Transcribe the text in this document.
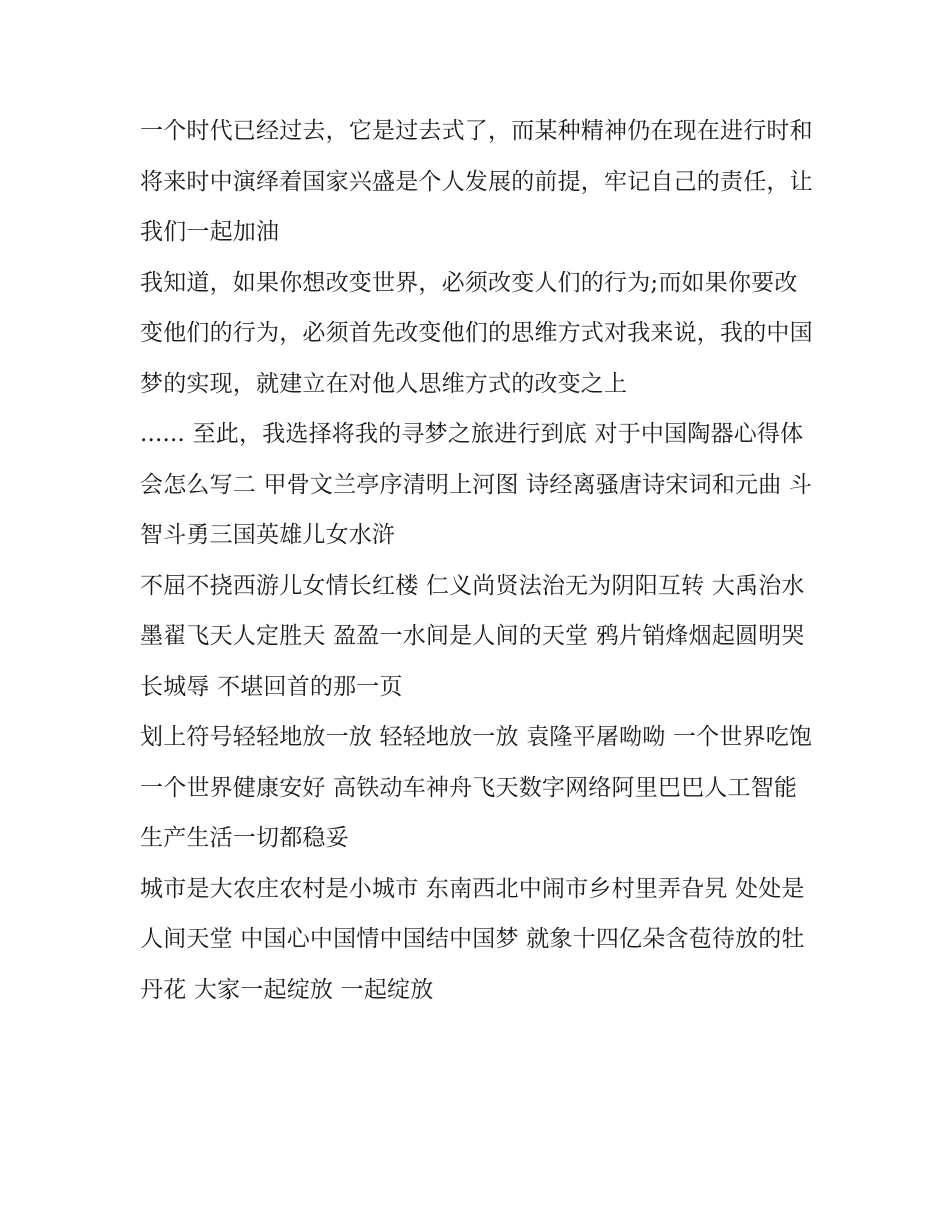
一个时代已经过去，它是过去式了，而某种精神仍在现在进行时和将来时中演绎着国家兴盛是个人发展的前提，牢记自己的责任，让我们一起加油

我知道，如果你想改变世界，必须改变人们的行为;而如果你要改变他们的行为，必须首先改变他们的思维方式对我来说，我的中国梦的实现，就建立在对他人思维方式的改变之上

...... 至此，我选择将我的寻梦之旅进行到底 对于中国陶器心得体会怎么写二 甲骨文兰亭序清明上河图 诗经离骚唐诗宋词和元曲 斗智斗勇三国英雄儿女水浒

不屈不挠西游儿女情长红楼 仁义尚贤法治无为阴阳互转 大禹治水墨翟飞天人定胜天 盈盈一水间是人间的天堂 鸦片销烽烟起圆明哭长城辱 不堪回首的那一页

划上符号轻轻地放一放 轻轻地放一放 袁隆平屠呦呦 一个世界吃饱一个世界健康安好 高铁动车神舟飞天数字网络阿里巴巴人工智能生产生活一切都稳妥

城市是大农庄农村是小城市 东南西北中闹市乡村里弄旮旯 处处是人间天堂 中国心中国情中国结中国梦 就象十四亿朵含苞待放的牡丹花 大家一起绽放 一起绽放
